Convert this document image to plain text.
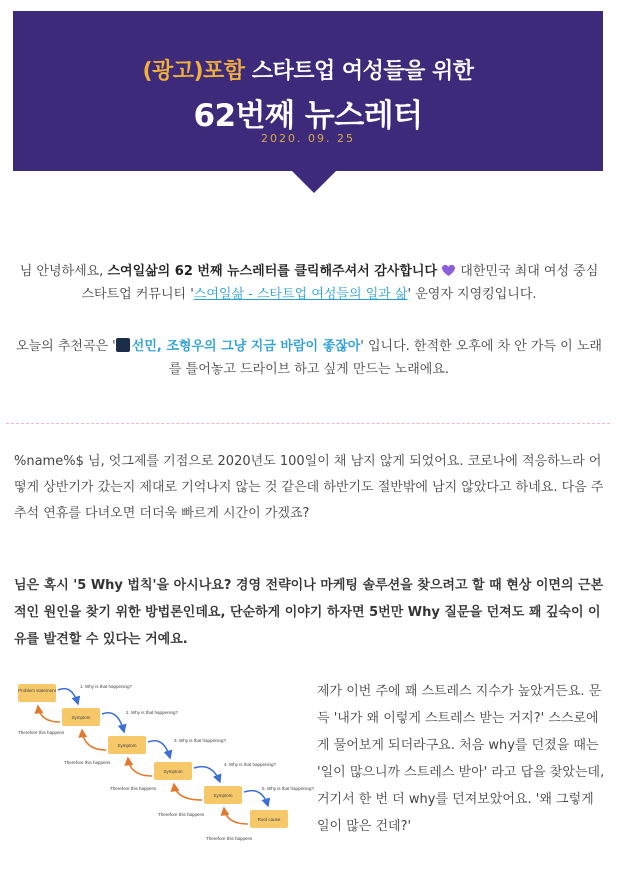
(광고)포함 스타트업 여성들을 위한
62번째 뉴스레터
2020. 09. 25
님 안녕하세요, 스여일삶의 62 번째 뉴스레터를 클릭해주셔서 감사합니다  대한민국 최대 여성 중심 스타트업 커뮤니티 '스여일삶 - 스타트업 여성들의 일과 삶' 운영자 지영킹입니다.
오늘의 추천곡은 ' 선민, 조형우의 그냥 지금 바람이 좋잖아' 입니다. 한적한 오후에 차 안 가득 이 노래를 틀어놓고 드라이브 하고 싶게 만드는 노래에요.
%name%$ 님, 엇그제를 기점으로 2020년도 100일이 채 남지 않게 되었어요. 코로나에 적응하느라 어떻게 상반기가 갔는지 제대로 기억나지 않는 것 같은데 하반기도 절반밖에 남지 않았다고 하네요. 다음 주 추석 연휴를 다녀오면 더더욱 빠르게 시간이 가겠죠?
님은 혹시 '5 Why 법칙'을 아시나요? 경영 전략이나 마케팅 솔루션을 찾으려고 할 때 현상 이면의 근본적인 원인을 찾기 위한 방법론인데요, 단순하게 이야기 하자면 5번만 Why 질문을 던져도 꽤 깊숙이 이유를 발견할 수 있다는 거예요.
Problem statement
Symptom
Symptom
Symptom
Symptom
Root cause
1. Why is that happening?
2. Why is that happening?
3. Why is that happening?
4. Why is that happening?
5. Why is that happening?
Therefore this happens
Therefore this happens
Therefore this happens
Therefore this happens
Therefore this happens
제가 이번 주에 꽤 스트레스 지수가 높았거든요. 문득 '내가 왜 이렇게 스트레스 받는 거지?' 스스로에게 물어보게 되더라구요. 처음 why를 던졌을 때는 '일이 많으니까 스트레스 받아' 라고 답을 찾았는데, 거기서 한 번 더 why를 던져보았어요. '왜 그렇게 일이 많은 건데?'
